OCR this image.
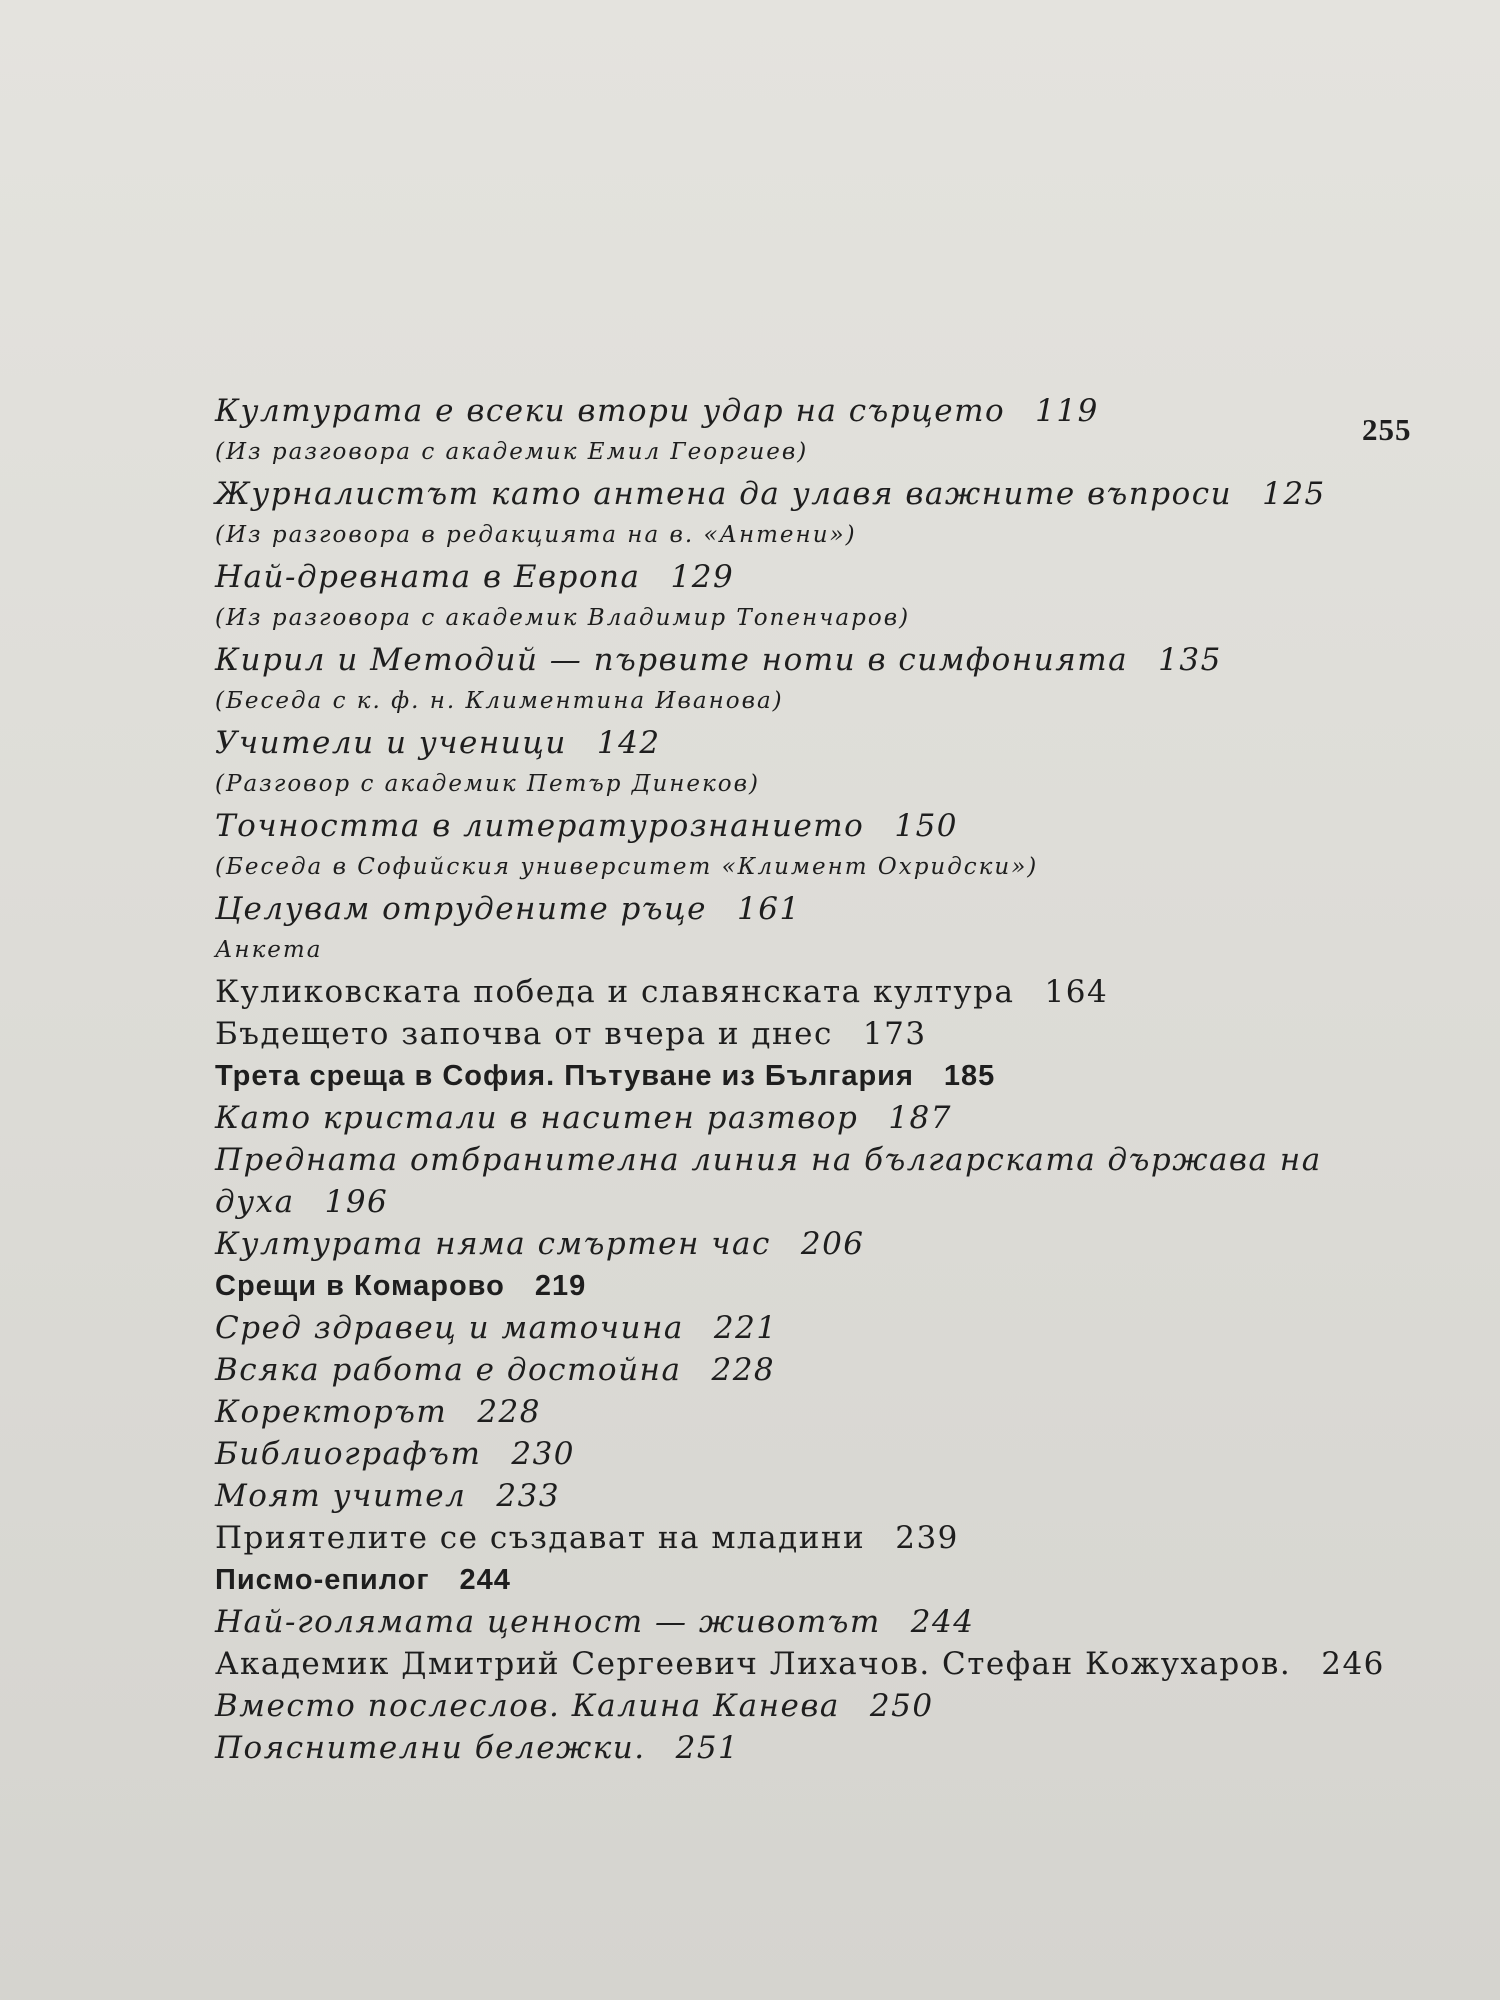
255
Културата е всеки втори удар на сърцето 119
(Из разговора с академик Емил Георгиев)
Журналистът като антена да улавя важните въпроси 125
(Из разговора в редакцията на в. «Антени»)
Най-древната в Европа 129
(Из разговора с академик Владимир Топенчаров)
Кирил и Методий — първите ноти в симфонията 135
(Беседа с к. ф. н. Климентина Иванова)
Учители и ученици 142
(Разговор с академик Петър Динеков)
Точността в литературознанието 150
(Беседа в Софийския университет «Климент Охридски»)
Целувам отрудените ръце 161
Анкета
Куликовската победа и славянската култура 164
Бъдещето започва от вчера и днес 173
Трета среща в София. Пътуване из България 185
Като кристали в наситен разтвор 187
Предната отбранителна линия на българската държава на духа 196
Културата няма смъртен час 206
Срещи в Комарово 219
Сред здравец и маточина 221
Всяка работа е достойна 228
Коректорът 228
Библиографът 230
Моят учител 233
Приятелите се създават на младини 239
Писмо-епилог 244
Най-голямата ценност — животът 244
Академик Дмитрий Сергеевич Лихачов. Стефан Кожухаров. 246
Вместо послеслов. Калина Канева 250
Пояснителни бележки. 251
